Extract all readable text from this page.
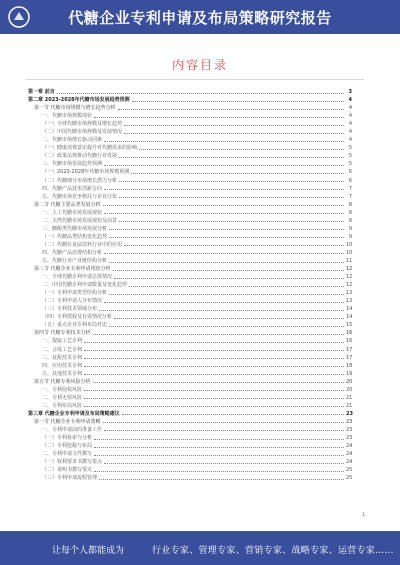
代糖企业专利申请及布局策略研究报告
内容目录
第一章 前言	3
第二章 2023-2028年代糖市场发展趋势预测	4
第一节 代糖市场规模与增长趋势分析	4
一、代糖市场规模现状	4
（一）全球代糖市场规模及增长趋势	4
（二）中国代糖市场规模及发展情况	4
二、代糖市场增长驱动因素	4
（一）健康消费意识提升对代糖需求的影响	5
（二）政策法规推动代糖行业发展	5
三、代糖市场发展趋势预测	5
（一）2023-2028年代糖市场规模预测	6
（二）代糖细分市场增长潜力分析	6
四、代糖产品技术创新方向	7
五、代糖市场竞争格局与企业分布	7
第二节 代糖主要品类发展分析	8
一、人工代糖市场发展现状	8
二、天然代糖市场发展现状及前景	8
三、糖醇类代糖市场发展分析	9
（一）代糖品类结构变化趋势	9
（二）代糖在食品饮料行业中的应用	10
四、代糖产品消费结构分析	10
五、代糖行业产业链结构分析	11
第三节 代糖企业专利申请现状分析	12
一、全球代糖专利申请总体情况	12
二、中国代糖专利申请数量及变化趋势	12
（一）专利申请类型结构分析	13
（二）专利申请人分布情况	13
（三）专利技术领域分布	14
（四）专利授权及有效情况分析	14
（五）重点企业专利布局对比	15
第四节 代糖专利技术分析	16
一、提取工艺专利	16
二、合成工艺专利	17
三、复配技术专利	17
四、应用技术专利	18
五、其他技术专利	19
第五节 代糖专利风险分析	20
一、专利侵权风险	20
二、专利无效风险	21
三、专利布局风险	21
第三章 代糖企业专利申请及布局策略建议	23
第一节 代糖企业专利申请策略	23
一、专利申请前的准备工作	23
（一）专利检索与分析	23
（二）专利挖掘与布局	24
二、专利申请文件撰写	24
（一）权利要求书撰写要点	24
（二）说明书撰写要点	25
（三）专利申请流程管理	25
1
让每个人都能成为	行业专家、管理专家、营销专家、战略专家、运营专家……
